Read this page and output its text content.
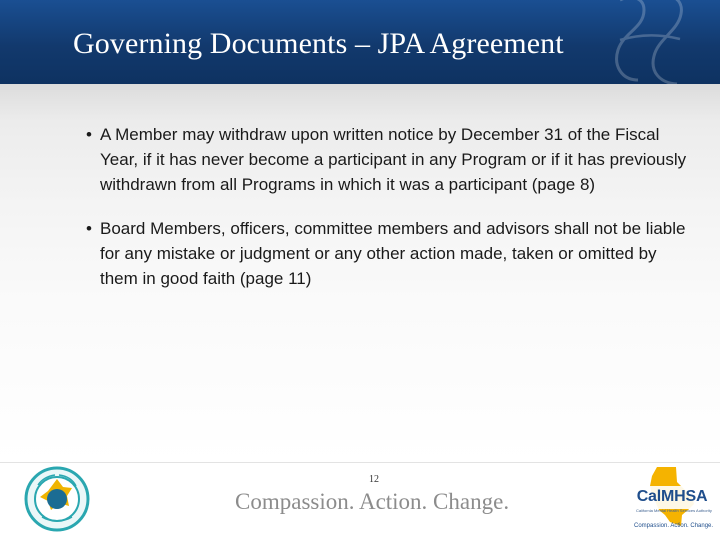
Governing Documents – JPA Agreement
• A Member may withdraw upon written notice by December 31 of the Fiscal Year, if it has never become a participant in any Program or if it has previously withdrawn from all Programs in which it was a participant (page 8)
• Board Members, officers, committee members and advisors shall not be liable for any mistake or judgment or any other action made, taken or omitted by them in good faith (page 11)
12

Compassion. Action. Change.	CalMHSA
California Mental Health Services Authority
Compassion. Action. Change.
